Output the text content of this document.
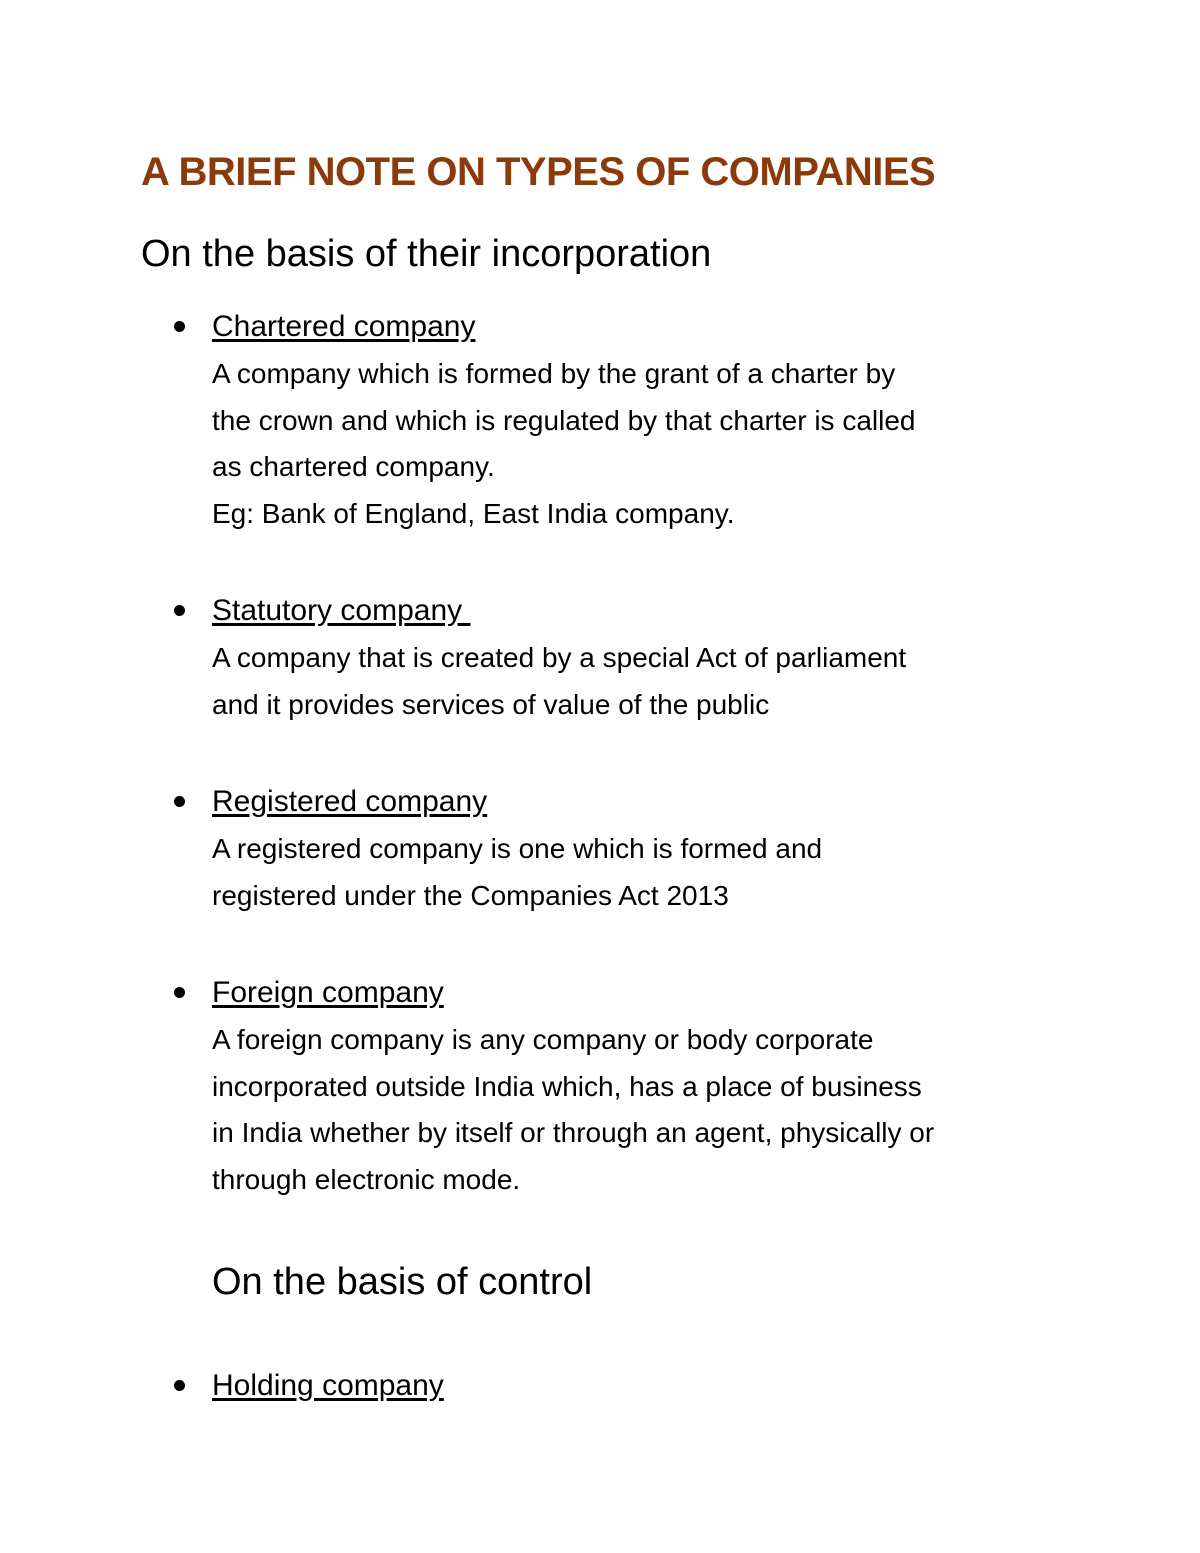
A BRIEF NOTE ON TYPES OF COMPANIES
On the basis of their incorporation
Chartered company
A company which is formed by the grant of a charter by
the crown and which is regulated by that charter is called
as chartered company.
Eg: Bank of England, East India company.
Statutory company
A company that is created by a special Act of parliament
and it provides services of value of the public
Registered company
A registered company is one which is formed and
registered under the Companies Act 2013
Foreign company
A foreign company is any company or body corporate
incorporated outside India which, has a place of business
in India whether by itself or through an agent, physically or
through electronic mode.
On the basis of control
Holding company
